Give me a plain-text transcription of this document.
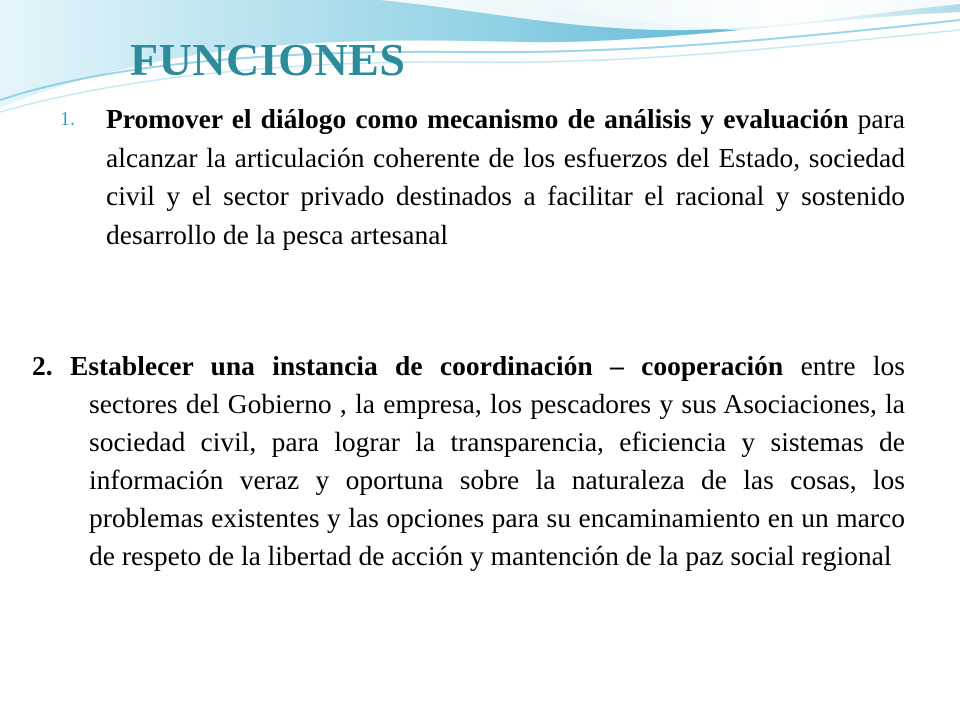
FUNCIONES
1. Promover el diálogo como mecanismo de análisis y evaluación para alcanzar la articulación coherente de los esfuerzos del Estado, sociedad civil y el sector privado destinados a facilitar el racional y sostenido desarrollo de la pesca artesanal

2. Establecer una instancia de coordinación – cooperación entre los sectores del Gobierno , la empresa, los pescadores y sus Asociaciones, la sociedad civil, para lograr la transparencia, eficiencia y sistemas de información veraz y oportuna sobre la naturaleza de las cosas, los problemas existentes y las opciones para su encaminamiento en un marco de respeto de la libertad de acción y mantención de la paz social regional
